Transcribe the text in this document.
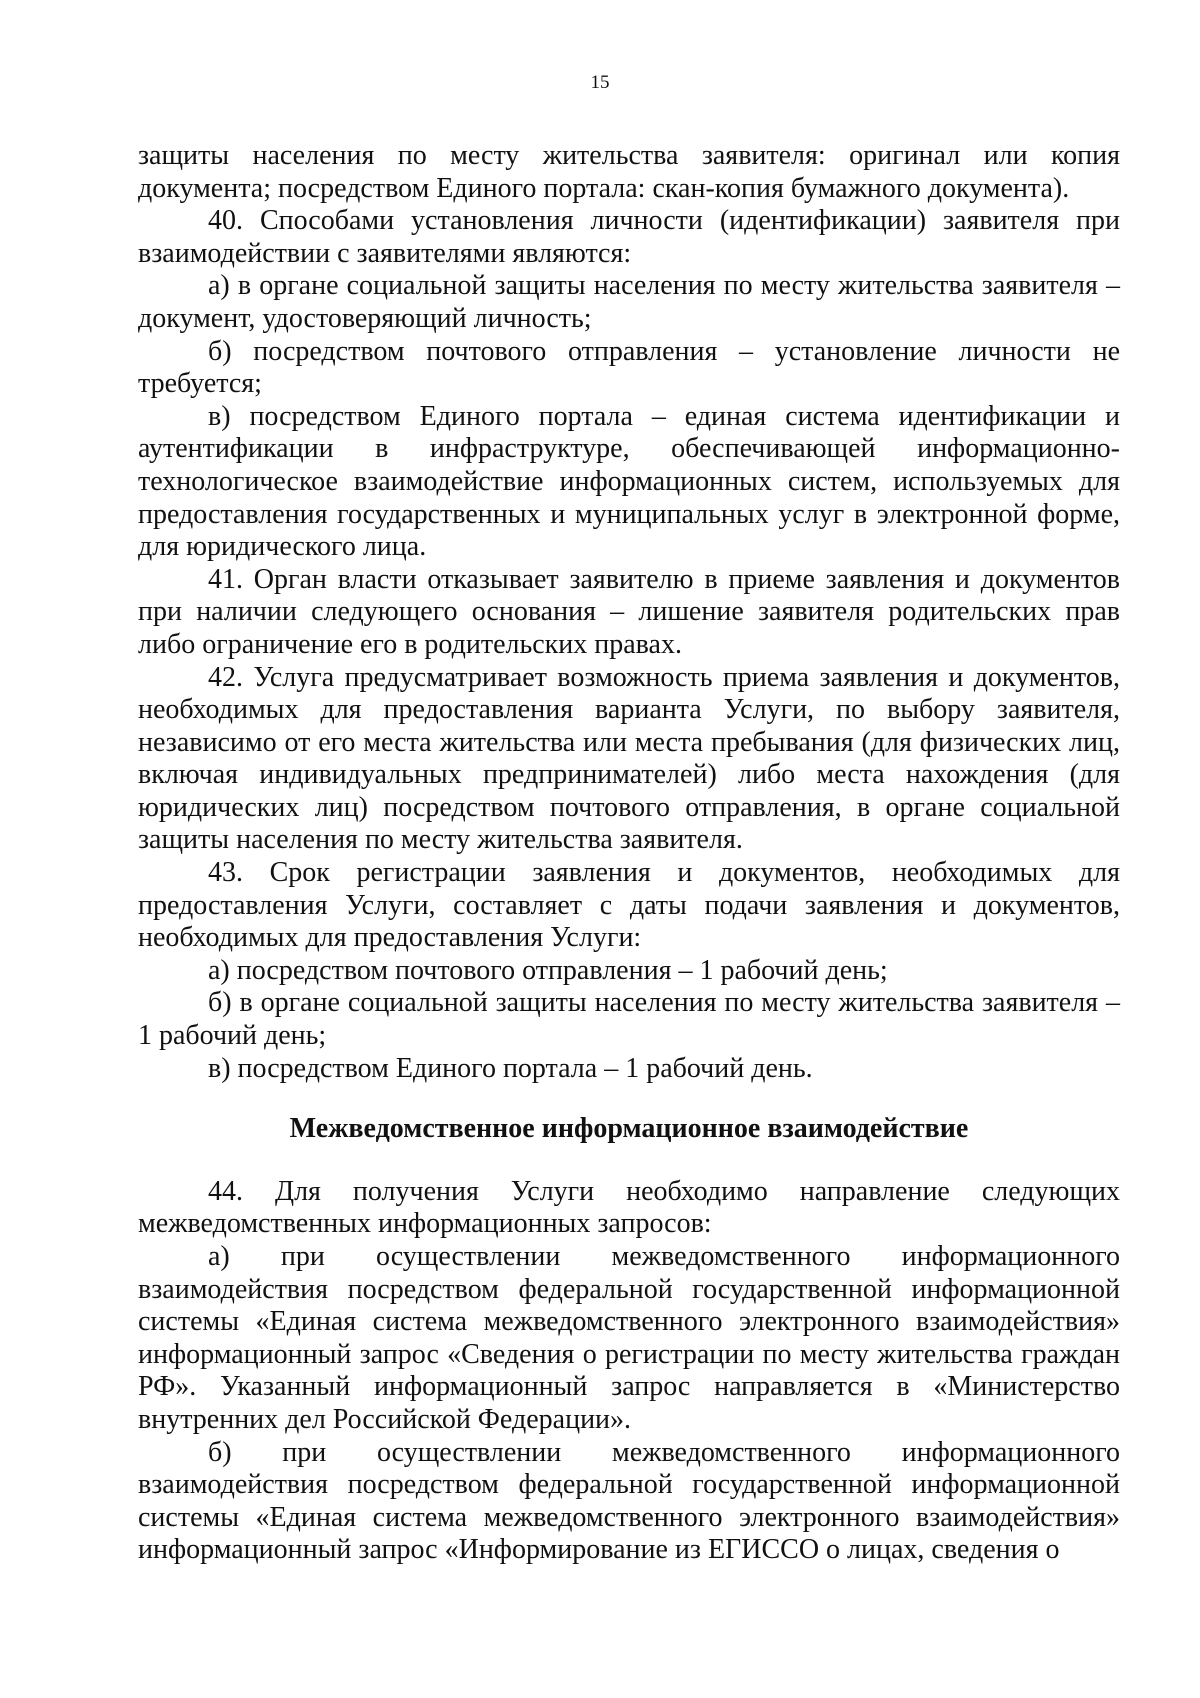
15

защиты населения по месту жительства заявителя: оригинал или копия документа; посредством Единого портала: скан-копия бумажного документа).

40. Способами установления личности (идентификации) заявителя при взаимодействии с заявителями являются:

а) в органе социальной защиты населения по месту жительства заявителя – документ, удостоверяющий личность;

б) посредством почтового отправления – установление личности не требуется;

в) посредством Единого портала – единая система идентификации и аутентификации в инфраструктуре, обеспечивающей информационно-технологическое взаимодействие информационных систем, используемых для предоставления государственных и муниципальных услуг в электронной форме, для юридического лица.

41. Орган власти отказывает заявителю в приеме заявления и документов при наличии следующего основания – лишение заявителя родительских прав либо ограничение его в родительских правах.

42. Услуга предусматривает возможность приема заявления и документов, необходимых для предоставления варианта Услуги, по выбору заявителя, независимо от его места жительства или места пребывания (для физических лиц, включая индивидуальных предпринимателей) либо места нахождения (для юридических лиц) посредством почтового отправления, в органе социальной защиты населения по месту жительства заявителя.

43. Срок регистрации заявления и документов, необходимых для предоставления Услуги, составляет с даты подачи заявления и документов, необходимых для предоставления Услуги:

а) посредством почтового отправления – 1 рабочий день;

б) в органе социальной защиты населения по месту жительства заявителя – 1 рабочий день;

в) посредством Единого портала – 1 рабочий день.

Межведомственное информационное взаимодействие

44. Для получения Услуги необходимо направление следующих межведомственных информационных запросов:

а) при осуществлении межведомственного информационного взаимодействия посредством федеральной государственной информационной системы «Единая система межведомственного электронного взаимодействия» информационный запрос «Сведения о регистрации по месту жительства граждан РФ». Указанный информационный запрос направляется в «Министерство внутренних дел Российской Федерации».

б) при осуществлении межведомственного информационного взаимодействия посредством федеральной государственной информационной системы «Единая система межведомственного электронного взаимодействия» информационный запрос «Информирование из ЕГИССО о лицах, сведения о
